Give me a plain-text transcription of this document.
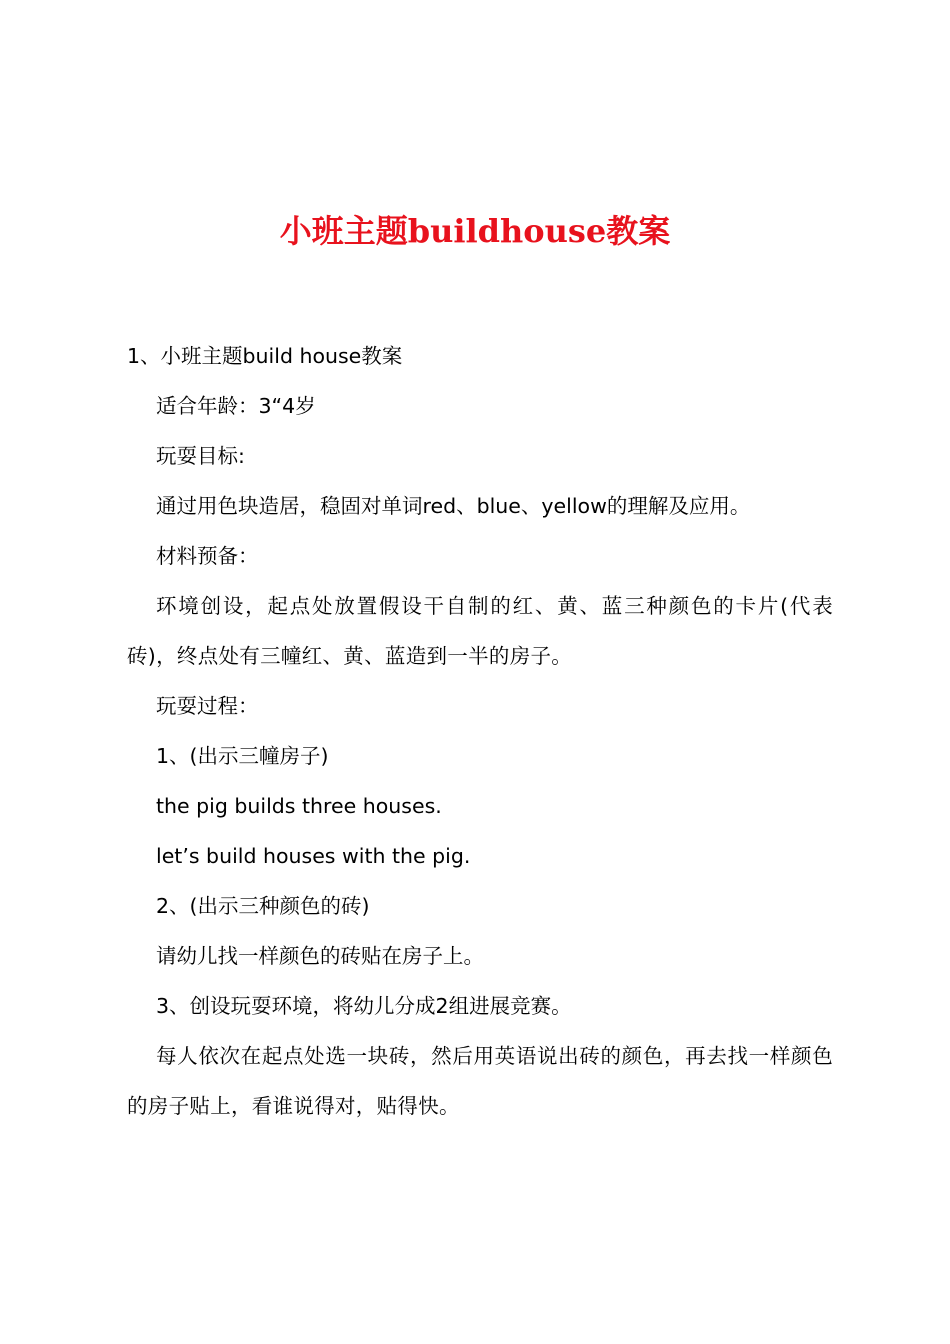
小班主题buildhouse教案
1、小班主题build house教案
适合年龄：3“4岁
玩耍目标:
通过用色块造居，稳固对单词red、blue、yellow的理解及应用。
材料预备：
环境创设，起点处放置假设干自制的红、黄、蓝三种颜色的卡片(代表砖)，终点处有三幢红、黄、蓝造到一半的房子。
玩耍过程：
1、(出示三幢房子)
the pig builds three houses.
let’s build houses with the pig.
2、(出示三种颜色的砖)
请幼儿找一样颜色的砖贴在房子上。
3、创设玩耍环境，将幼儿分成2组进展竞赛。
每人依次在起点处选一块砖，然后用英语说出砖的颜色，再去找一样颜色的房子贴上，看谁说得对，贴得快。
